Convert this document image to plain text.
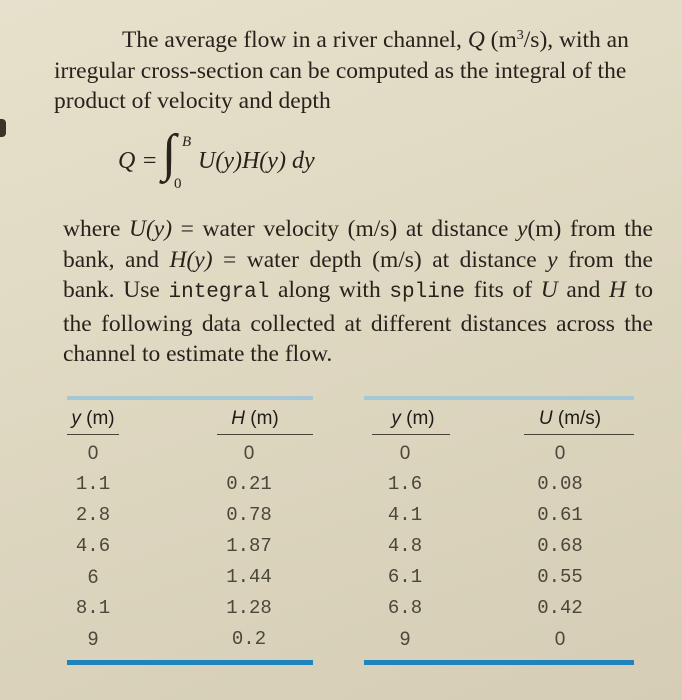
The average flow in a river channel, Q $(m^3/s)$, with an irregular cross-section can be computed as the integral of the product of velocity and depth

Q = ∫ B
0
U(y)H(y) dy

where U(y) = water velocity (m/s) at distance y(m) from the
bank, and H(y) = water depth (m/s) at distance y from the
bank. Use integral along with spline fits of U and H to
the following data collected at different distances across the
channel to estimate the flow.

y (m)	H (m)
0
1.1
2.8
4.6
6
8.1
9
0
0.21
0.78
1.87
1.44
1.28
0.2
y (m)	U (m/s)
0
1.6
4.1
4.8
6.1
6.8
9
0
0.08
0.61
0.68
0.55
0.42
0
